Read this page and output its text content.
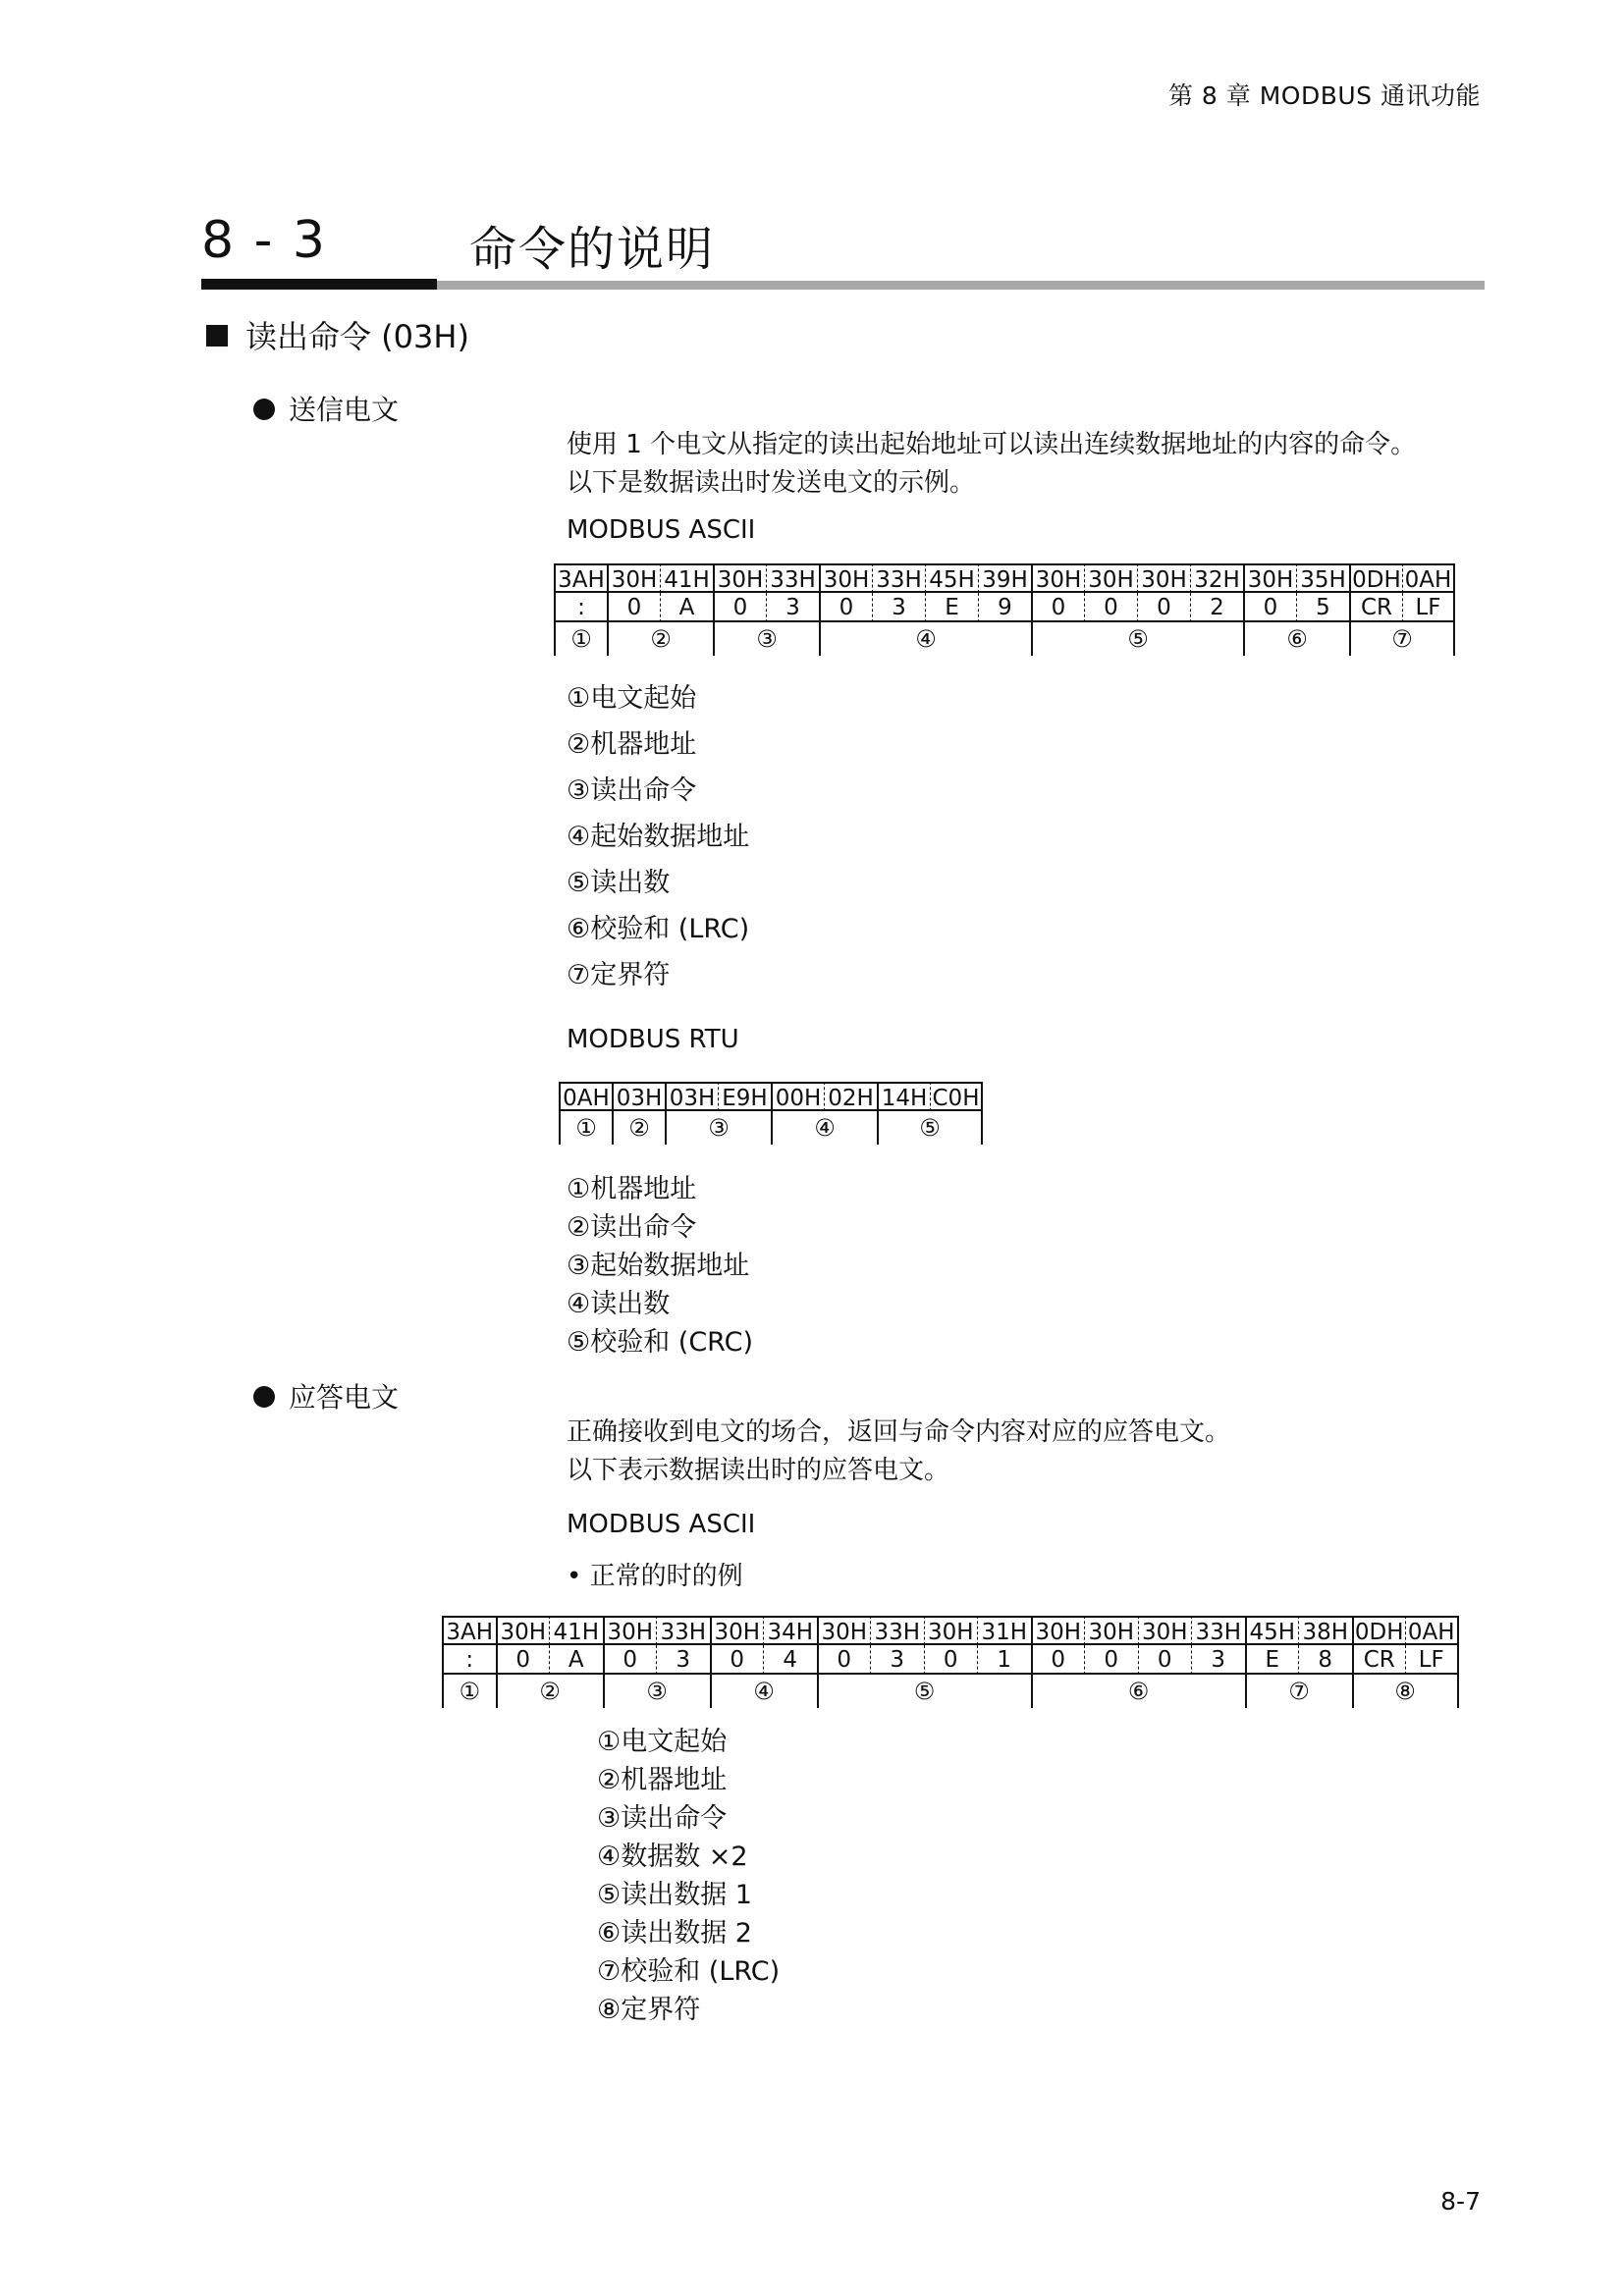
第 8 章 MODBUS 通讯功能
8 - 3	命令的说明
读出命令 (03H)
送信电文
使用 1 个电文从指定的读出起始地址可以读出连续数据地址的内容的命令。
以下是数据读出时发送电文的示例。
MODBUS ASCII
3AH 30H 41H 30H 33H 30H 33H 45H 39H 30H 30H 30H 32H 30H 35H 0DH 0AH
:	0	A	0	3	0	3	E	9	0	0	0	2	0	5	CR	LF
①	②	③	④	⑤	⑥	⑦
①电文起始
②机器地址
③读出命令
④起始数据地址
⑤读出数
⑥校验和 (LRC)
⑦定界符
MODBUS RTU
0AH 03H 03H E9H 00H 02H 14H C0H
①	②	③	④	⑤
①机器地址
②读出命令
③起始数据地址
④读出数
⑤校验和 (CRC)
应答电文
正确接收到电文的场合，返回与命令内容对应的应答电文。
以下表示数据读出时的应答电文。
MODBUS ASCII
• 正常的时的例
3AH 30H 41H 30H 33H 30H 34H 30H 33H 30H 31H 30H 30H 30H 33H 45H 38H 0DH 0AH
:	0	A	0	3	0	4	0	3	0	1	0	0	0	3	E	8	CR	LF
①	②	③	④	⑤	⑥	⑦	⑧
①电文起始
②机器地址
③读出命令
④数据数 ×2
⑤读出数据 1
⑥读出数据 2
⑦校验和 (LRC)
⑧定界符
8-7
